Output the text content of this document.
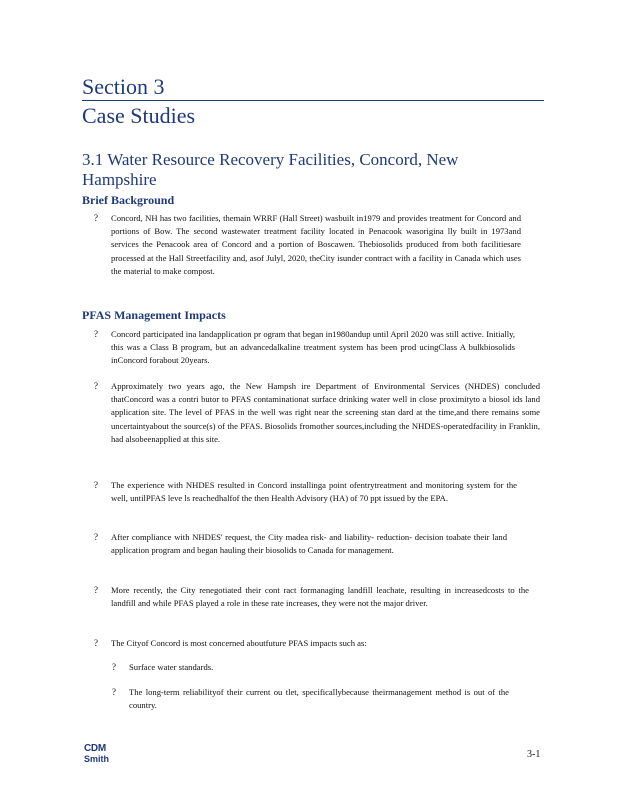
Section 3
Case Studies
3.1 Water Resource Recovery Facilities, Concord, New Hampshire
Brief Background

? Concord, NH has two facilities, themain WRRF (Hall Street) wasbuilt in1979 and provides treatment for Concord and portions of Bow. The second wastewater treatment facility located in Penacook wasorigina lly built in 1973and services the Penacook area of Concord and a portion of Boscawen. Thebiosolids produced from both facilitiesare processed at the Hall Streetfacility and, asof Julyl, 2020, theCity isunder contract with a facility in Canada which uses the material to make compost.

PFAS Management Impacts

? Concord participated ina landapplication pr ogram that began in1980andup until April 2020 was still active. Initially, this was a Class B program, but an advancedalkaline treatment system has been prod ucingClass A bulkbiosolids inConcord forabout 20years.

? Approximately two years ago, the New Hampsh ire Department of Environmental Services (NHDES) concluded thatConcord was a contri butor to PFAS contaminationat surface drinking water well in close proximityto a biosol ids land application site. The level of PFAS in the well was right near the screening stan dard at the time,and there remains some uncertaintyabout the source(s) of the PFAS. Biosolids fromother sources,including the NHDES-operatedfacility in Franklin, had alsobeenapplied at this site.

? The experience with NHDES resulted in Concord installinga point ofentrytreatment and monitoring system for the well, untilPFAS leve ls reachedhalfof the then Health Advisory (HA) of 70 ppt issued by the EPA.

? After compliance with NHDES' request, the City madea risk- and liability- reduction- decision toabate their land application program and began hauling their biosolids to Canada for management.

? More recently, the City renegotiated their cont ract formanaging landfill leachate, resulting in increasedcosts to the landfill and while PFAS played a role in these rate increases, they were not the major driver.

? The Cityof Concord is most concerned aboutfuture PFAS impacts such as:

? Surface water standards.

? The long-term reliabilityof their current ou tlet, specificallybecause theirmanagement method is out of the country.

CDM
Smith	3-1
